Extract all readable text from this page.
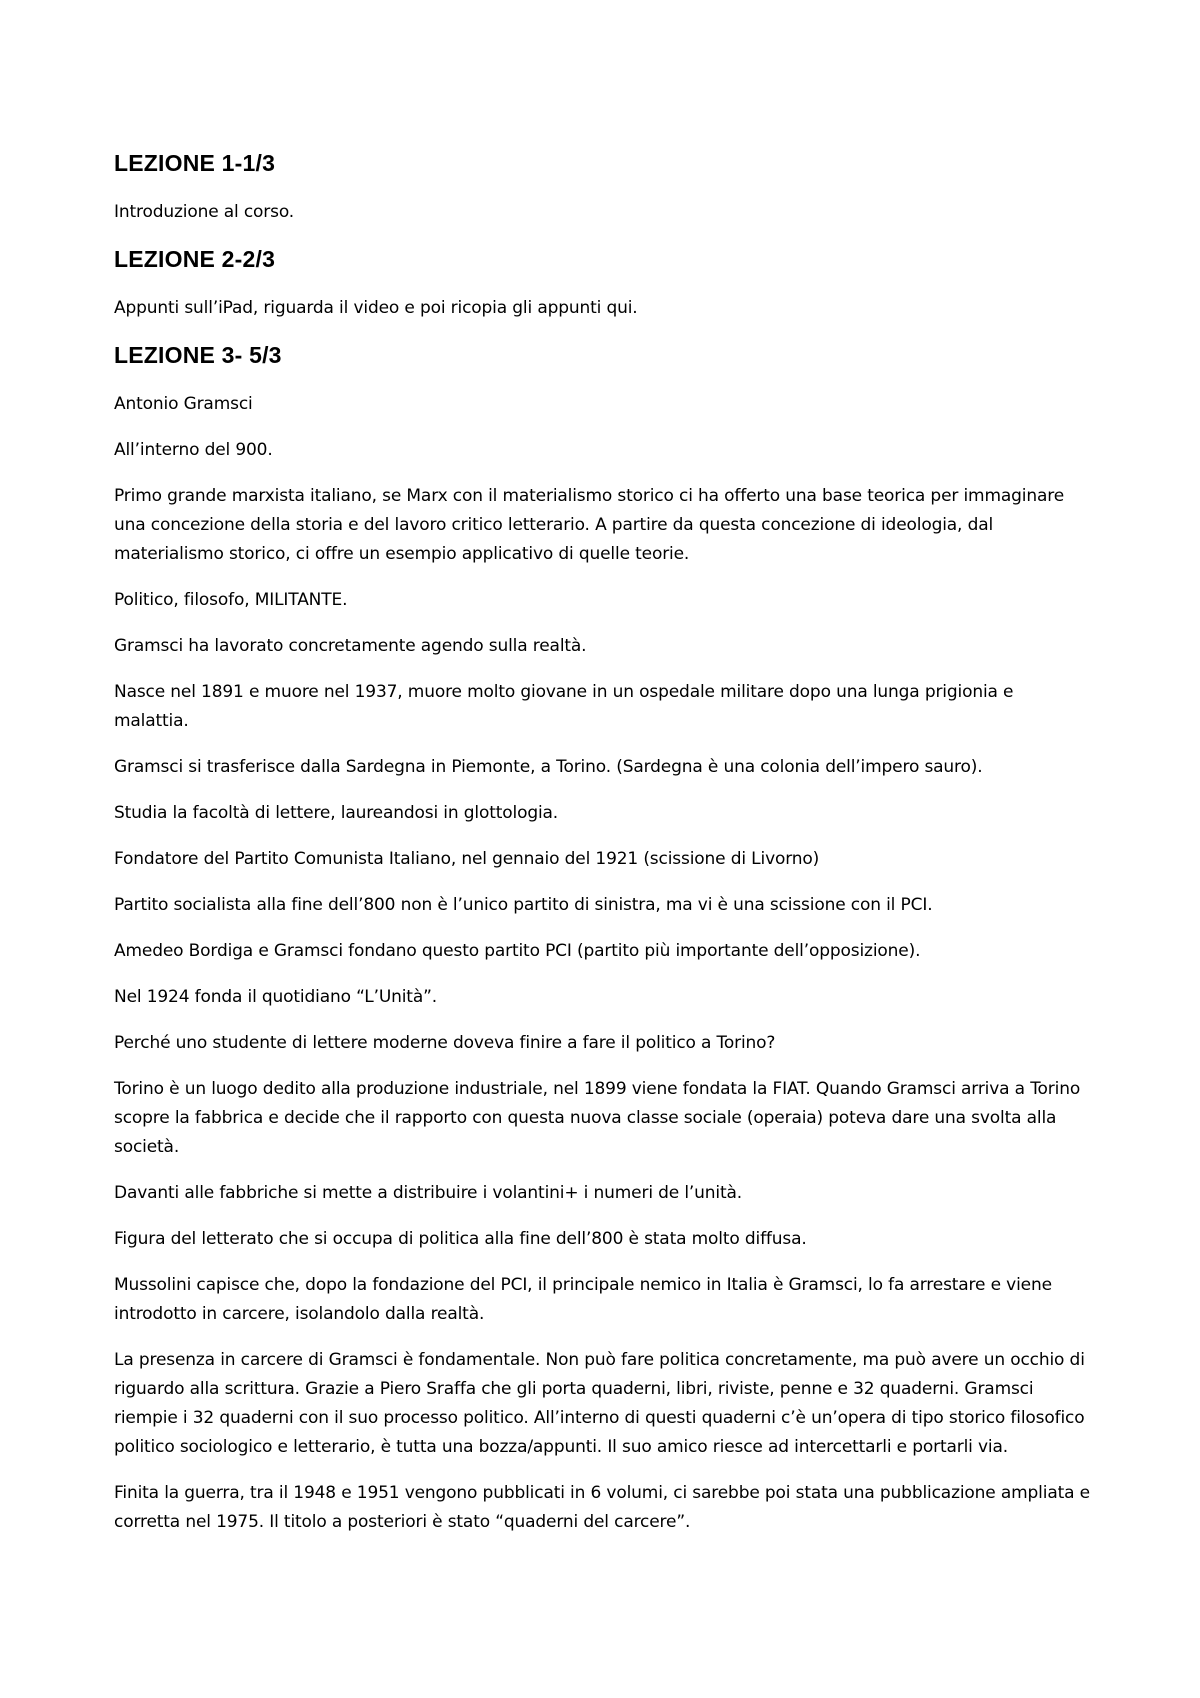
LEZIONE 1-1/3
Introduzione al corso.
LEZIONE 2-2/3
Appunti sull’iPad, riguarda il video e poi ricopia gli appunti qui.
LEZIONE 3- 5/3
Antonio Gramsci
All’interno del 900.
Primo grande marxista italiano, se Marx con il materialismo storico ci ha offerto una base teorica per immaginare una concezione della storia e del lavoro critico letterario. A partire da questa concezione di ideologia, dal materialismo storico, ci offre un esempio applicativo di quelle teorie.
Politico, filosofo, MILITANTE.
Gramsci ha lavorato concretamente agendo sulla realtà.
Nasce nel 1891 e muore nel 1937, muore molto giovane in un ospedale militare dopo una lunga prigionia e malattia.
Gramsci si trasferisce dalla Sardegna in Piemonte, a Torino. (Sardegna è una colonia dell’impero sauro).
Studia la facoltà di lettere, laureandosi in glottologia.
Fondatore del Partito Comunista Italiano, nel gennaio del 1921 (scissione di Livorno)
Partito socialista alla fine dell’800 non è l’unico partito di sinistra, ma vi è una scissione con il PCI.
Amedeo Bordiga e Gramsci fondano questo partito PCI (partito più importante dell’opposizione).
Nel 1924 fonda il quotidiano “L’Unità”.
Perché uno studente di lettere moderne doveva finire a fare il politico a Torino?
Torino è un luogo dedito alla produzione industriale, nel 1899 viene fondata la FIAT. Quando Gramsci arriva a Torino scopre la fabbrica e decide che il rapporto con questa nuova classe sociale (operaia) poteva dare una svolta alla società.
Davanti alle fabbriche si mette a distribuire i volantini+ i numeri de l’unità.
Figura del letterato che si occupa di politica alla fine dell’800 è stata molto diffusa.
Mussolini capisce che, dopo la fondazione del PCI, il principale nemico in Italia è Gramsci, lo fa arrestare e viene introdotto in carcere, isolandolo dalla realtà.
La presenza in carcere di Gramsci è fondamentale. Non può fare politica concretamente, ma può avere un occhio di riguardo alla scrittura. Grazie a Piero Sraffa che gli porta quaderni, libri, riviste, penne e 32 quaderni. Gramsci riempie i 32 quaderni con il suo processo politico. All’interno di questi quaderni c’è un’opera di tipo storico filosofico politico sociologico e letterario, è tutta una bozza/appunti. Il suo amico riesce ad intercettarli e portarli via.
Finita la guerra, tra il 1948 e 1951 vengono pubblicati in 6 volumi, ci sarebbe poi stata una pubblicazione ampliata e corretta nel 1975. Il titolo a posteriori è stato “quaderni del carcere”.
